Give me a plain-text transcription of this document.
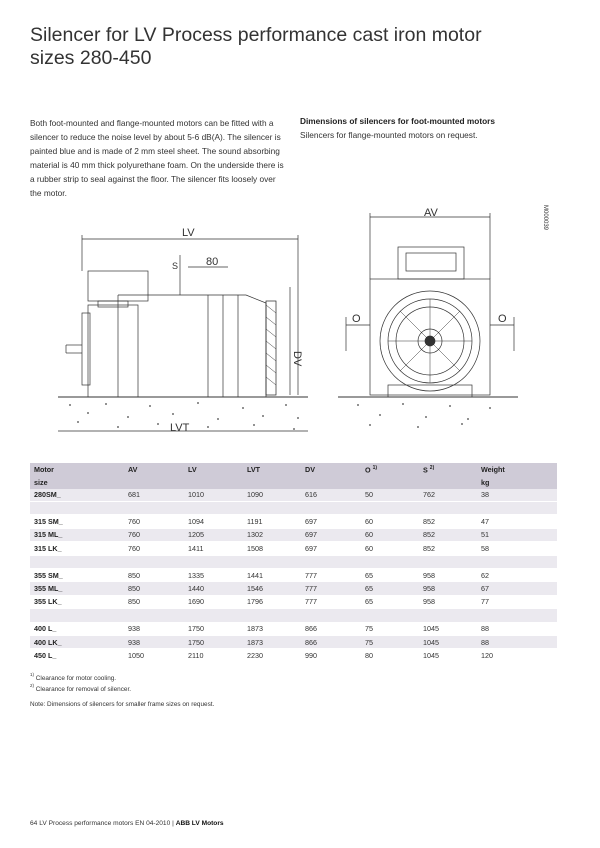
Silencer for LV Process performance cast iron motor sizes 280-450

Both foot-mounted and flange-mounted motors can be fitted with a silencer to reduce the noise level by about 5-6 dB(A). The silencer is painted blue and is made of 2 mm steel sheet. The sound absorbing material is 40 mm thick polyurethane foam. On the underside there is a rubber strip to seal against the floor. The silencer fits loosely over the motor.

Dimensions of silencers for foot-mounted motors
Silencers for flange-mounted motors on request.
M000039
LV
S	80
DV
LVT
AV
O	O
Motor	AV	LV	LVT	DV	O $^{1)}$	S $^{2)}$	Weight
size							kg
280SM_	681	1010	1090	616	50	762	38

315 SM_	760	1094	1191	697	60	852	47
315 ML_	760	1205	1302	697	60	852	51
315 LK_	760	1411	1508	697	60	852	58

355 SM_	850	1335	1441	777	65	958	62
355 ML_	850	1440	1546	777	65	958	67
355 LK_	850	1690	1796	777	65	958	77

400 L_	938	1750	1873	866	75	1045	88
400 LK_	938	1750	1873	866	75	1045	88
450 L_	1050	2110	2230	990	80	1045	120
$^{1)}$ Clearance for motor cooling.
$^{2)}$ Clearance for removal of silencer.
Note: Dimensions of silencers for smaller frame sizes on request.
64 LV Process performance motors EN 04-2010 | ABB LV Motors
